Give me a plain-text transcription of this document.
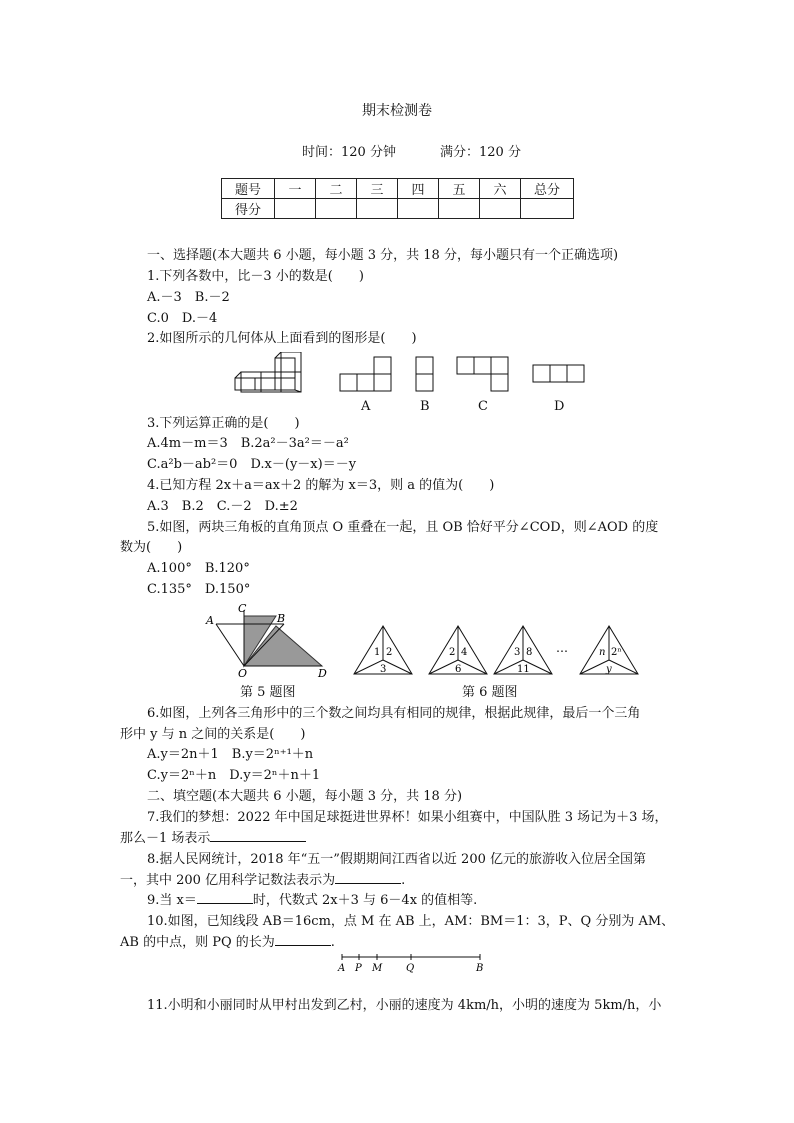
期末检测卷
时间：120 分钟	满分：120 分
题号	一	二	三	四	五	六	总分
得分							
一、选择题(本大题共 6 小题，每小题 3 分，共 18 分，每小题只有一个正确选项)
1.下列各数中，比－3 小的数是(　　)
A.－3　B.－2
C.0　D.－4
2.如图所示的几何体从上面看到的图形是(　　)
A	B	C	D
3.下列运算正确的是(　　)
A.4m－m＝3　B.2a²－3a²＝－a²
C.a²b－ab²＝0　D.x－(y－x)＝－y
4.已知方程 2x＋a＝ax＋2 的解为 x＝3，则 a 的值为(　　)
A.3　B.2　C.－2　D.±2
5.如图，两块三角板的直角顶点 O 重叠在一起，且 OB 恰好平分∠COD，则∠AOD 的度
数为(　　)
A.100°　B.120°
C.135°　D.150°
A
C
B
O	D
第 5 题图
1 2
3
2 4
6
3 8
11
n 2ⁿ
y
…
第 6 题图
6.如图，上列各三角形中的三个数之间均具有相同的规律，根据此规律，最后一个三角
形中 y 与 n 之间的关系是(　　)
A.y＝2n＋1　B.y＝2ⁿ⁺¹＋n
C.y＝2ⁿ＋n　D.y＝2ⁿ＋n＋1
二、填空题(本大题共 6 小题，每小题 3 分，共 18 分)
7.我们的梦想：2022 年中国足球挺进世界杯！如果小组赛中，中国队胜 3 场记为＋3 场，
那么－1 场表示
8.据人民网统计，2018 年“五一”假期期间江西省以近 200 亿元的旅游收入位居全国第
一，其中 200 亿用科学记数法表示为	.
9.当 x＝	时，代数式 2x＋3 与 6－4x 的值相等.
10.如图，已知线段 AB＝16cm，点 M 在 AB 上，AM：BM＝1：3，P、Q 分别为 AM、
AB 的中点，则 PQ 的长为	.
A P M Q	B
11.小明和小丽同时从甲村出发到乙村，小丽的速度为 4km/h，小明的速度为 5km/h，小
